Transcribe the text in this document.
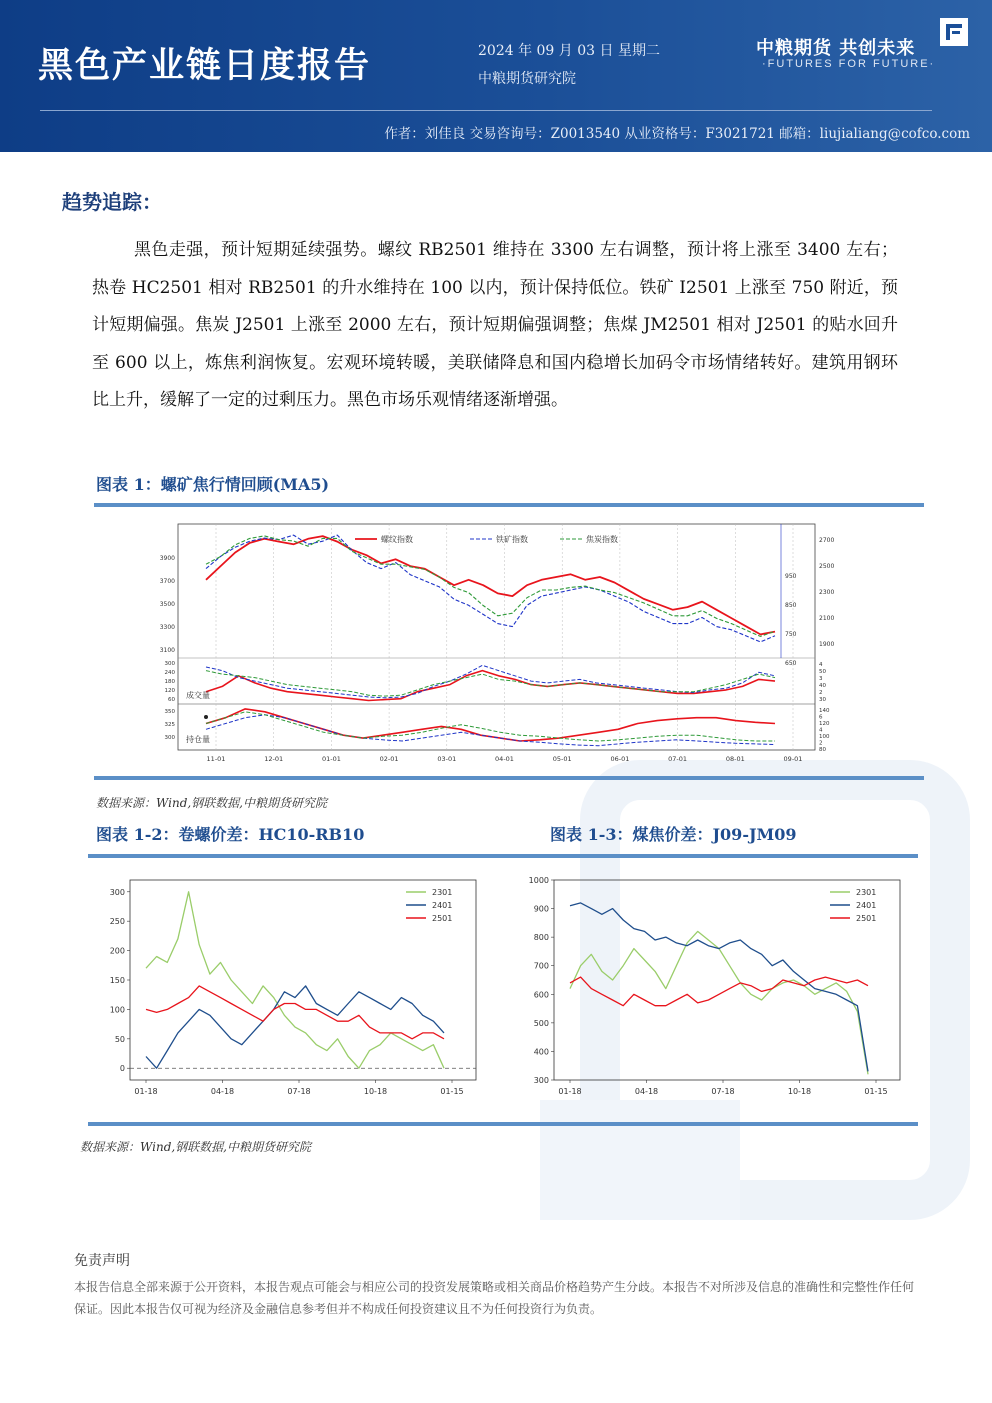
黑色产业链日度报告	2024 年 09 月 03 日 星期二
中粮期货研究院
中粮期货 共创未来
·FUTURES FOR FUTURE·
作者：刘佳良 交易咨询号：Z0013540 从业资格号：F3021721 邮箱：liujialiang@cofco.com
趋势追踪：
黑色走强，预计短期延续强势。螺纹 RB2501 维持在 3300 左右调整，预计将上涨至 3400 左右；热卷 HC2501 相对 RB2501 的升水维持在 100 以内，预计保持低位。铁矿 I2501 上涨至 750 附近，预计短期偏强。焦炭 J2501 上涨至 2000 左右，预计短期偏强调整；焦煤 JM2501 相对 J2501 的贴水回升至 600 以上，炼焦利润恢复。宏观环境转暖，美联储降息和国内稳增长加码令市场情绪转好。建筑用钢环比上升，缓解了一定的过剩压力。黑色市场乐观情绪逐渐增强。
图表 1：螺矿焦行情回顾(MA5)
11-01	12-01	01-01	02-01	03-01	04-01	05-01	06-01	07-01	08-01	09-01
3900
3700
3500
3300
3100
950
850
750
650
2700
2500
2300
2100
1900
300
240
180
120
60
4
50
3
40
2
30
350
325
300
140
6
120
4
100
2
80
螺纹指数	铁矿指数	焦炭指数
成交量
持仓量
数据来源：Wind,钢联数据,中粮期货研究院
图表 1-2：卷螺价差：HC10-RB10	图表 1-3：煤焦价差：J09-JM09
300
250
200
150
100
50
0
01-18	04-18	07-18	10-18	01-15
2301
2401
2501
1000
900
800
700
600
500
400
300
01-18	04-18	07-18	10-18	01-15
2301
2401
2501
数据来源：Wind,钢联数据,中粮期货研究院
免责声明
本报告信息全部来源于公开资料，本报告观点可能会与相应公司的投资发展策略或相关商品价格趋势产生分歧。本报告不对所涉及信息的准确性和完整性作任何保证。因此本报告仅可视为经济及金融信息参考但并不构成任何投资建议且不为任何投资行为负责。
